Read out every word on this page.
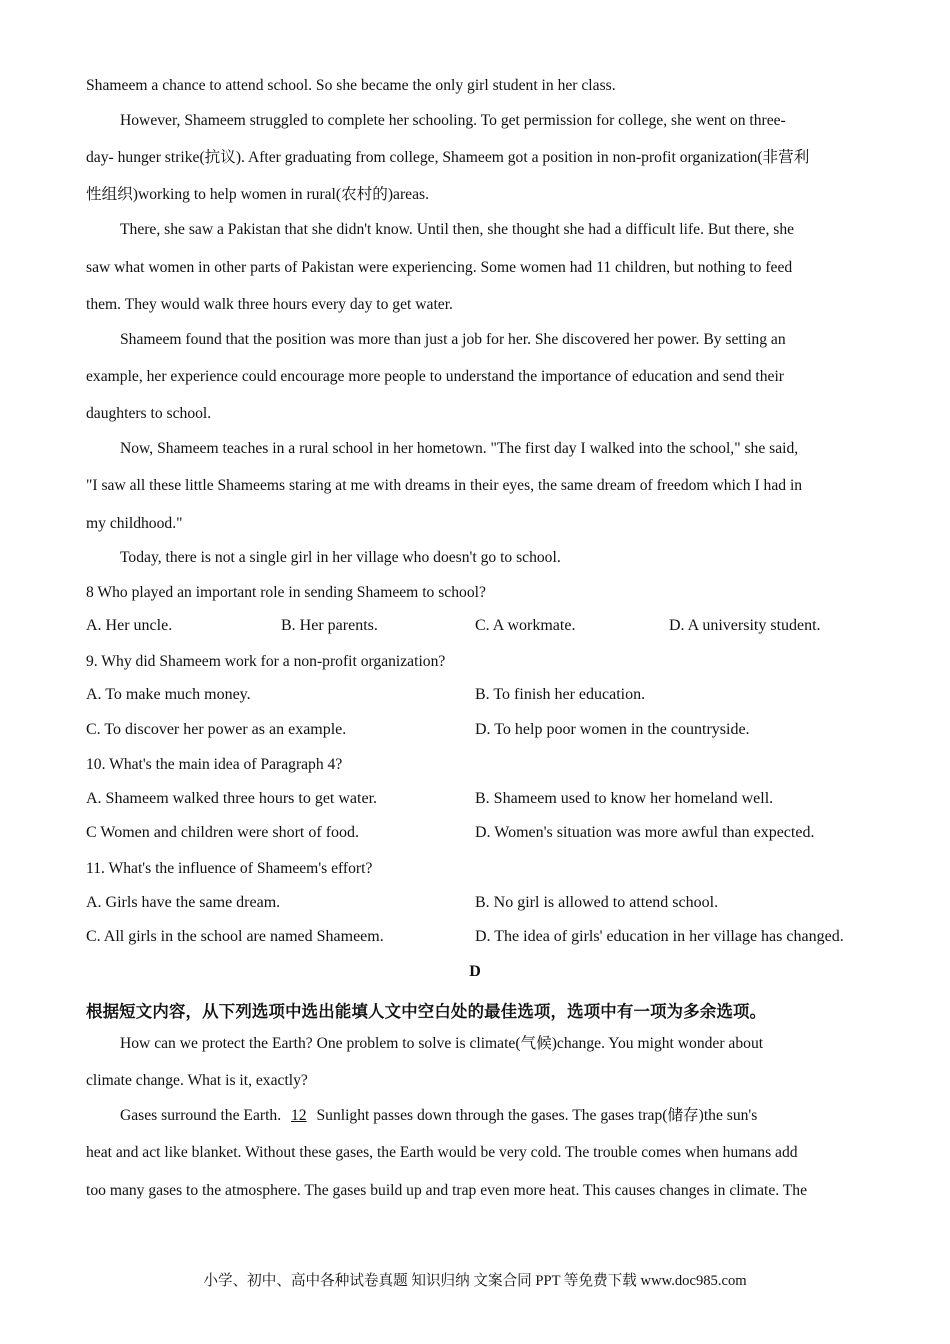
Shameem a chance to attend school. So she became the only girl student in her class.
However, Shameem struggled to complete her schooling. To get permission for college, she went on three-
day- hunger strike(抗议). After graduating from college, Shameem got a position in non-profit organization(非营利
性组织)working to help women in rural(农村的)areas.
There, she saw a Pakistan that she didn't know. Until then, she thought she had a difficult life. But there, she
saw what women in other parts of Pakistan were experiencing. Some women had 11 children, but nothing to feed
them. They would walk three hours every day to get water.
Shameem found that the position was more than just a job for her. She discovered her power. By setting an
example, her experience could encourage more people to understand the importance of education and send their
daughters to school.
Now, Shameem teaches in a rural school in her hometown. "The first day I walked into the school," she said,
"I saw all these little Shameems staring at me with dreams in their eyes, the same dream of freedom which I had in
my childhood."
Today, there is not a single girl in her village who doesn't go to school.
8 Who played an important role in sending Shameem to school?
A. Her uncle.	B. Her parents.	C. A workmate.	D. A university student.
9. Why did Shameem work for a non-profit organization?
A. To make much money.	B. To finish her education.
C. To discover her power as an example.	D. To help poor women in the countryside.
10. What's the main idea of Paragraph 4?
A. Shameem walked three hours to get water.	B. Shameem used to know her homeland well.
C Women and children were short of food.	D. Women's situation was more awful than expected.
11. What's the influence of Shameem's effort?
A. Girls have the same dream.	B. No girl is allowed to attend school.
C. All girls in the school are named Shameem.	D. The idea of girls' education in her village has changed.
D
根据短文内容，从下列选项中选出能填人文中空白处的最佳选项，选项中有一项为多余选项。
How can we protect the Earth? One problem to solve is climate(气候)change. You might wonder about
climate change. What is it, exactly?
Gases surround the Earth. 12 Sunlight passes down through the gases. The gases trap(储存)the sun's
heat and act like blanket. Without these gases, the Earth would be very cold. The trouble comes when humans add
too many gases to the atmosphere. The gases build up and trap even more heat. This causes changes in climate. The
小学、初中、高中各种试卷真题 知识归纳 文案合同 PPT 等免费下载 www.doc985.com
